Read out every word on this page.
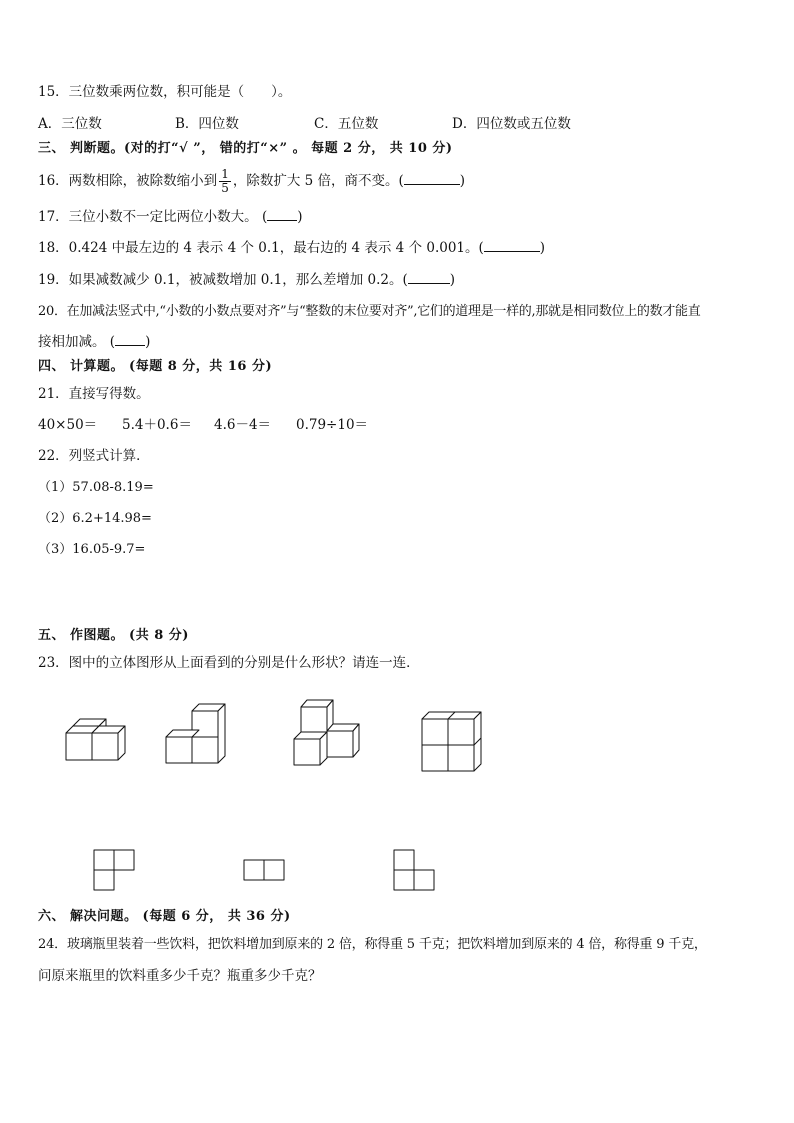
15．三位数乘两位数，积可能是（　　）。
A．三位数	B．四位数	C．五位数	D．四位数或五位数
三、 判断题。(对的打“√ ”， 错的打“×” 。 每题 2 分， 共 10 分)
16．两数相除，被除数缩小到 $\frac{1}{5}$ ，除数扩大 5 倍，商不变。(	)
17．三位小数不一定比两位小数大。 ( )
18．0.424 中最左边的 4 表示 4 个 0.1，最右边的 4 表示 4 个 0.001。(	)
19．如果减数减少 0.1，被减数增加 0.1，那么差增加 0.2。(	)
20．在加减法竖式中,“小数的小数点要对齐”与“整数的末位要对齐”,它们的道理是一样的,那就是相同数位上的数才能直
接相加减。 ( )
四、 计算题。 (每题 8 分，共 16 分)
21．直接写得数。
40×50＝ 5.4＋0.6＝ 4.6－4＝ 0.79÷10＝
22．列竖式计算．
（1）57.08-8.19=
（2）6.2+14.98=
（3）16.05-9.7=
五、 作图题。 (共 8 分)
23．图中的立体图形从上面看到的分别是什么形状？请连一连．
六、 解决问题。 (每题 6 分， 共 36 分)
24．玻璃瓶里装着一些饮料，把饮料增加到原来的 2 倍，称得重 5 千克；把饮料增加到原来的 4 倍，称得重 9 千克，
问原来瓶里的饮料重多少千克？瓶重多少千克？
